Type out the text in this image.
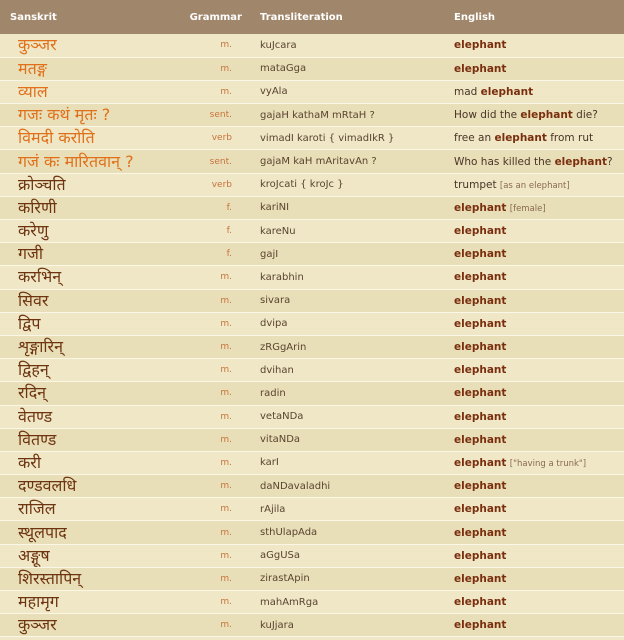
Sanskrit	Grammar	Transliteration	English
कुञ्जर	m.	kuJcara	elephant
मतङ्ग	m.	mataGga	elephant
व्याल	m.	vyAla	mad elephant
गजः कथं मृतः ?	sent.	gajaH kathaM mRtaH ?	How did the elephant die?
विमदी करोति	verb	vimadI karoti { vimadIkR }	free an elephant from rut
गजं कः मारितवान् ?	sent.	gajaM kaH mAritavAn ?	Who has killed the elephant?
क्रोञ्चति	verb	kroJcati { kroJc }	trumpet [as an elephant]
करिणी	f.	kariNI	elephant [female]
करेणु	f.	kareNu	elephant
गजी	f.	gajI	elephant
करभिन्	m.	karabhin	elephant
सिवर	m.	sivara	elephant
द्विप	m.	dvipa	elephant
शृङ्गारिन्	m.	zRGgArin	elephant
द्विहन्	m.	dvihan	elephant
रदिन्	m.	radin	elephant
वेतण्ड	m.	vetaNDa	elephant
वितण्ड	m.	vitaNDa	elephant
करी	m.	karI	elephant ["having a trunk"]
दण्डवलधि	m.	daNDavaladhi	elephant
राजिल	m.	rAjila	elephant
स्थूलपाद	m.	sthUlapAda	elephant
अङ्गूष	m.	aGgUSa	elephant
शिरस्तापिन्	m.	zirastApin	elephant
महामृग	m.	mahAmRga	elephant
कुञ्जर	m.	kuJjara	elephant
